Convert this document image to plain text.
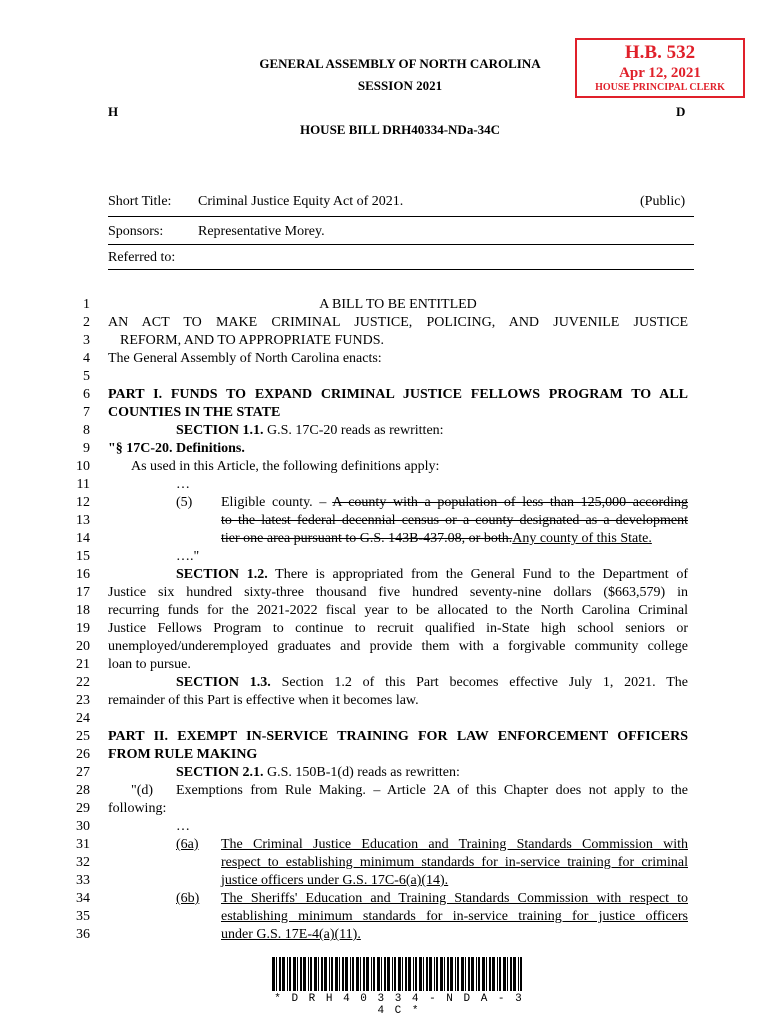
GENERAL ASSEMBLY OF NORTH CAROLINA
SESSION 2021
H	D
HOUSE BILL DRH40334-NDa-34C
H.B. 532
Apr 12, 2021
HOUSE PRINCIPAL CLERK
Short Title: Criminal Justice Equity Act of 2021.	(Public)
Sponsors: Representative Morey.
Referred to:
1
2
3
4
5
6
7
8
9
10
11
12
13
14
15
16
17
18
19
20
21
22
23
24
25
26
27
28
29
30
31
32
33
34
35
36
A BILL TO BE ENTITLED
AN ACT TO MAKE CRIMINAL JUSTICE, POLICING, AND JUVENILE JUSTICE
REFORM, AND TO APPROPRIATE FUNDS.
The General Assembly of North Carolina enacts:
PART I. FUNDS TO EXPAND CRIMINAL JUSTICE FELLOWS PROGRAM TO ALL
COUNTIES IN THE STATE
SECTION 1.1. G.S. 17C-20 reads as rewritten:
"§ 17C-20. Definitions.
As used in this Article, the following definitions apply:
…
(5)	Eligible county. – A county with a population of less than 125,000 according
to the latest federal decennial census or a county designated as a development
tier one area pursuant to G.S. 143B-437.08, or both.Any county of this State.
…."
SECTION 1.2. There is appropriated from the General Fund to the Department of
Justice six hundred sixty-three thousand five hundred seventy-nine dollars ($663,579) in
recurring funds for the 2021-2022 fiscal year to be allocated to the North Carolina Criminal
Justice Fellows Program to continue to recruit qualified in-State high school seniors or
unemployed/underemployed graduates and provide them with a forgivable community college
loan to pursue.
SECTION 1.3. Section 1.2 of this Part becomes effective July 1, 2021. The
remainder of this Part is effective when it becomes law.
PART II. EXEMPT IN-SERVICE TRAINING FOR LAW ENFORCEMENT OFFICERS
FROM RULE MAKING
SECTION 2.1. G.S. 150B-1(d) reads as rewritten:
"(d)	Exemptions from Rule Making. – Article 2A of this Chapter does not apply to the
following:
…
(6a)	The Criminal Justice Education and Training Standards Commission with
respect to establishing minimum standards for in-service training for criminal
justice officers under G.S. 17C-6(a)(14).
(6b)	The Sheriffs' Education and Training Standards Commission with respect to
establishing minimum standards for in-service training for justice officers
under G.S. 17E-4(a)(11).
* D R H 4 0 3 3 4 - N D A - 3 4 C *
